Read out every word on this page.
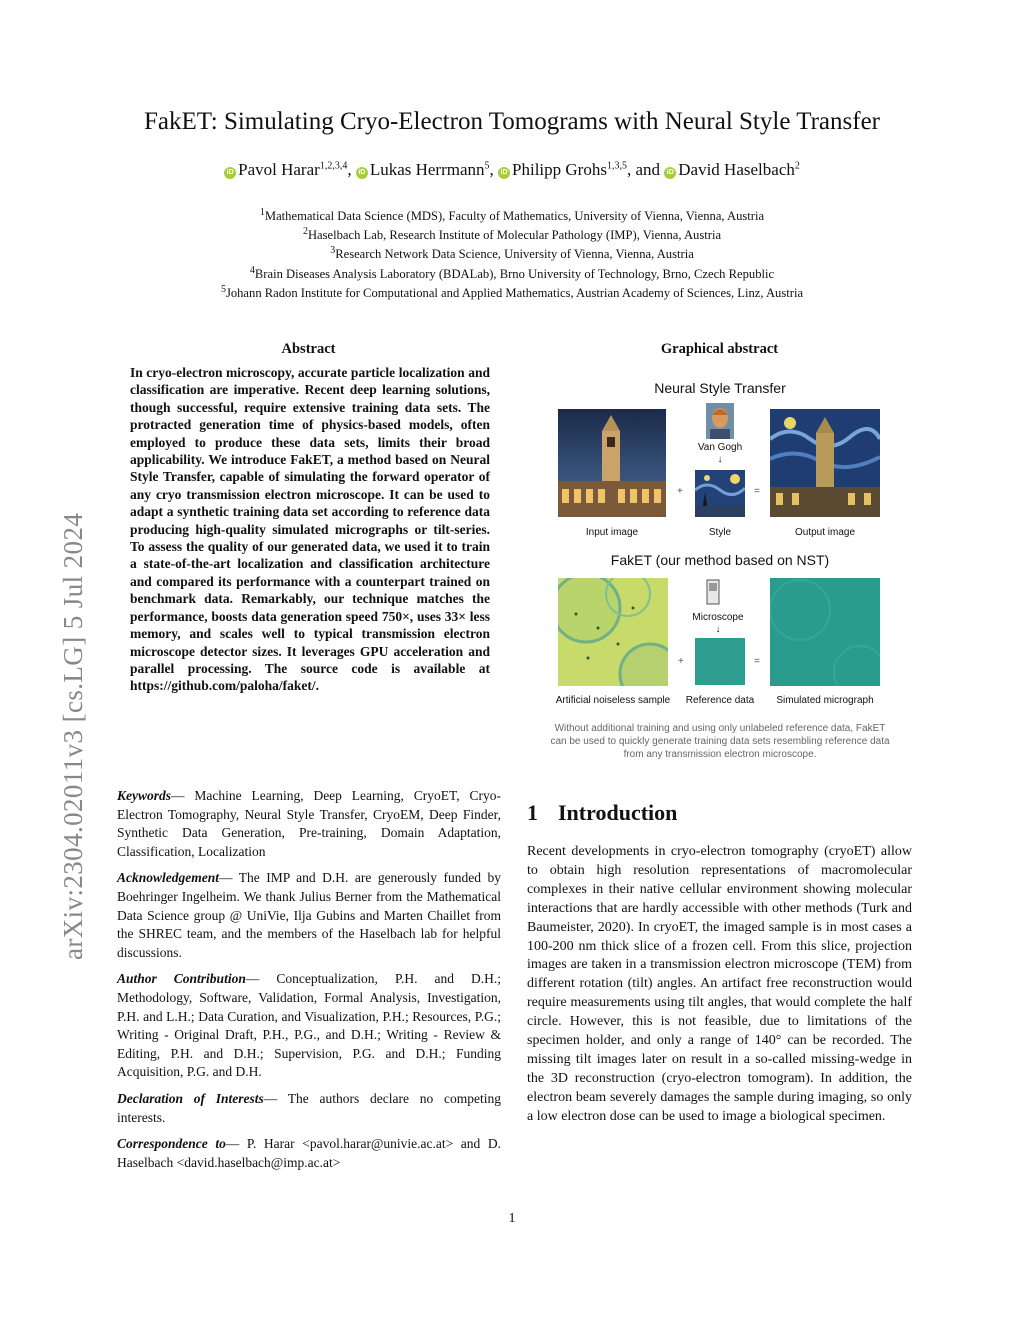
FakET: Simulating Cryo-Electron Tomograms with Neural Style Transfer
iD Pavol Harar$^{1,2,3,4}$, iD Lukas Herrmann$^5$, iD Philipp Grohs$^{1,3,5}$, and iD David Haselbach$^2$
$^1$Mathematical Data Science (MDS), Faculty of Mathematics, University of Vienna, Vienna, Austria
$^2$Haselbach Lab, Research Institute of Molecular Pathology (IMP), Vienna, Austria
$^3$Research Network Data Science, University of Vienna, Vienna, Austria
$^4$Brain Diseases Analysis Laboratory (BDALab), Brno University of Technology, Brno, Czech Republic
$^5$Johann Radon Institute for Computational and Applied Mathematics, Austrian Academy of Sciences, Linz, Austria
arXiv:2304.02011v3 [cs.LG] 5 Jul 2024
Abstract
In cryo-electron microscopy, accurate particle localization and classification are imperative. Recent deep learning solutions, though successful, require extensive training data sets. The protracted generation time of physics-based models, often employed to produce these data sets, limits their broad applicability. We introduce FakET, a method based on Neural Style Transfer, capable of simulating the forward operator of any cryo transmission electron microscope. It can be used to adapt a synthetic training data set according to reference data producing high-quality simulated micrographs or tilt-series. To assess the quality of our generated data, we used it to train a state-of-the-art localization and classification architecture and compared its performance with a counterpart trained on benchmark data. Remarkably, our technique matches the performance, boosts data generation speed 750×, uses 33× less memory, and scales well to typical transmission electron microscope detector sizes. It leverages GPU acceleration and parallel processing. The source code is available at https://github.com/paloha/faket/.

Keywords— Machine Learning, Deep Learning, CryoET, Cryo-Electron Tomography, Neural Style Transfer, CryoEM, Deep Finder, Synthetic Data Generation, Pre-training, Domain Adaptation, Classification, Localization

Acknowledgement— The IMP and D.H. are generously funded by Boehringer Ingelheim. We thank Julius Berner from the Mathematical Data Science group @ UniVie, Ilja Gubins and Marten Chaillet from the SHREC team, and the members of the Haselbach lab for helpful discussions.

Author Contribution— Conceptualization, P.H. and D.H.; Methodology, Software, Validation, Formal Analysis, Investigation, P.H. and L.H.; Data Curation, and Visualization, P.H.; Resources, P.G.; Writing - Original Draft, P.H., P.G., and D.H.; Writing - Review & Editing, P.H. and D.H.; Supervision, P.G. and D.H.; Funding Acquisition, P.G. and D.H.

Declaration of Interests— The authors declare no competing interests.

Correspondence to— P. Harar <pavol.harar@univie.ac.at> and D. Haselbach <david.haselbach@imp.ac.at>

Graphical abstract
Neural Style Transfer
Input image
Van Gogh
↓
+
Style
=
Output image
FakET (our method based on NST)
Artificial noiseless sample
Microscope
↓
+
Reference data
=
Simulated micrograph
Without additional training and using only unlabeled reference data, FakET can be used to quickly generate training data sets resembling reference data from any transmission electron microscope.
1 Introduction
Recent developments in cryo-electron tomography (cryoET) allow to obtain high resolution representations of macromolecular complexes in their native cellular environment showing molecular interactions that are hardly accessible with other methods (Turk and Baumeister, 2020). In cryoET, the imaged sample is in most cases a 100-200 nm thick slice of a frozen cell. From this slice, projection images are taken in a transmission electron microscope (TEM) from different rotation (tilt) angles. An artifact free reconstruction would require measurements using tilt angles, that would complete the half circle. However, this is not feasible, due to limitations of the specimen holder, and only a range of 140° can be recorded. The missing tilt images later on result in a so-called missing-wedge in the 3D reconstruction (cryo-electron tomogram). In addition, the electron beam severely damages the sample during imaging, so only a low electron dose can be used to image a biological specimen.
1
